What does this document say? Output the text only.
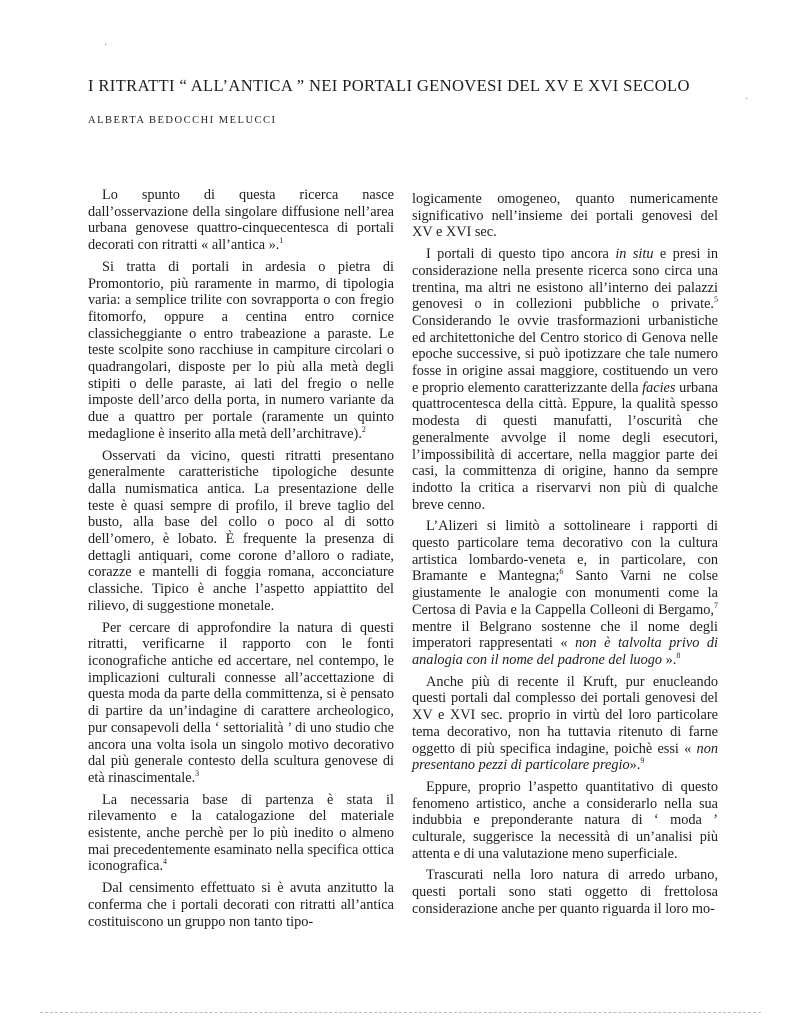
·
·
I RITRATTI “ ALL’ANTICA ” NEI PORTALI GENOVESI DEL XV E XVI SECOLO
ALBERTA BEDOCCHI MELUCCI

Lo spunto di questa ricerca nasce dall’osservazione della singolare diffusione nell’area urbana genovese quattro-cinquecentesca di portali decorati con ritratti « all’antica ».$^1$

Si tratta di portali in ardesia o pietra di Promontorio, più raramente in marmo, di tipologia varia: a semplice trilite con sovrapporta o con fregio fitomorfo, oppure a centina entro cornice classicheggiante o entro trabeazione a paraste. Le teste scolpite sono racchiuse in campiture circolari o quadrangolari, disposte per lo più alla metà degli stipiti o delle paraste, ai lati del fregio o nelle imposte dell’arco della porta, in numero variante da due a quattro per portale (raramente un quinto medaglione è inserito alla metà dell’architrave).$^2$

Osservati da vicino, questi ritratti presentano generalmente caratteristiche tipologiche desunte dalla numismatica antica. La presentazione delle teste è quasi sempre di profilo, il breve taglio del busto, alla base del collo o poco al di sotto dell’omero, è lobato. È frequente la presenza di dettagli antiquari, come corone d’alloro o radiate, corazze e mantelli di foggia romana, acconciature classiche. Tipico è anche l’aspetto appiattito del rilievo, di suggestione monetale.

Per cercare di approfondire la natura di questi ritratti, verificarne il rapporto con le fonti iconografiche antiche ed accertare, nel contempo, le implicazioni culturali connesse all’accettazione di questa moda da parte della committenza, si è pensato di partire da un’indagine di carattere archeologico, pur consapevoli della ‘ settorialità ’ di uno studio che ancora una volta isola un singolo motivo decorativo dal più generale contesto della scultura genovese di età rinascimentale.$^3$

La necessaria base di partenza è stata il rilevamento e la catalogazione del materiale esistente, anche perchè per lo più inedito o almeno mai precedentemente esaminato nella specifica ottica iconografica.$^4$

Dal censimento effettuato si è avuta anzitutto la conferma che i portali decorati con ritratti all’antica costituiscono un gruppo non tanto tipo-

logicamente omogeneo, quanto numericamente significativo nell’insieme dei portali genovesi del XV e XVI sec.

I portali di questo tipo ancora in situ e presi in considerazione nella presente ricerca sono circa una trentina, ma altri ne esistono all’interno dei palazzi genovesi o in collezioni pubbliche o private.$^5$ Considerando le ovvie trasformazioni urbanistiche ed architettoniche del Centro storico di Genova nelle epoche successive, si può ipotizzare che tale numero fosse in origine assai maggiore, costituendo un vero e proprio elemento caratterizzante della facies urbana quattrocentesca della città. Eppure, la qualità spesso modesta di questi manufatti, l’oscurità che generalmente avvolge il nome degli esecutori, l’impossibilità di accertare, nella maggior parte dei casi, la committenza di origine, hanno da sempre indotto la critica a riservarvi non più di qualche breve cenno.

L’Alizeri si limitò a sottolineare i rapporti di questo particolare tema decorativo con la cultura artistica lombardo-veneta e, in particolare, con Bramante e Mantegna;$^6$ Santo Varni ne colse giustamente le analogie con monumenti come la Certosa di Pavia e la Cappella Colleoni di Bergamo,$^7$ mentre il Belgrano sostenne che il nome degli imperatori rappresentati « non è talvolta privo di analogia con il nome del padrone del luogo ».$^8$

Anche più di recente il Kruft, pur enucleando questi portali dal complesso dei portali genovesi del XV e XVI sec. proprio in virtù del loro particolare tema decorativo, non ha tuttavia ritenuto di farne oggetto di più specifica indagine, poichè essi « non presentano pezzi di particolare pregio».$^9$

Eppure, proprio l’aspetto quantitativo di questo fenomeno artistico, anche a considerarlo nella sua indubbia e preponderante natura di ‘ moda ’ culturale, suggerisce la necessità di un’analisi più attenta e di una valutazione meno superficiale.

Trascurati nella loro natura di arredo urbano, questi portali sono stati oggetto di frettolosa considerazione anche per quanto riguarda il loro mo-
